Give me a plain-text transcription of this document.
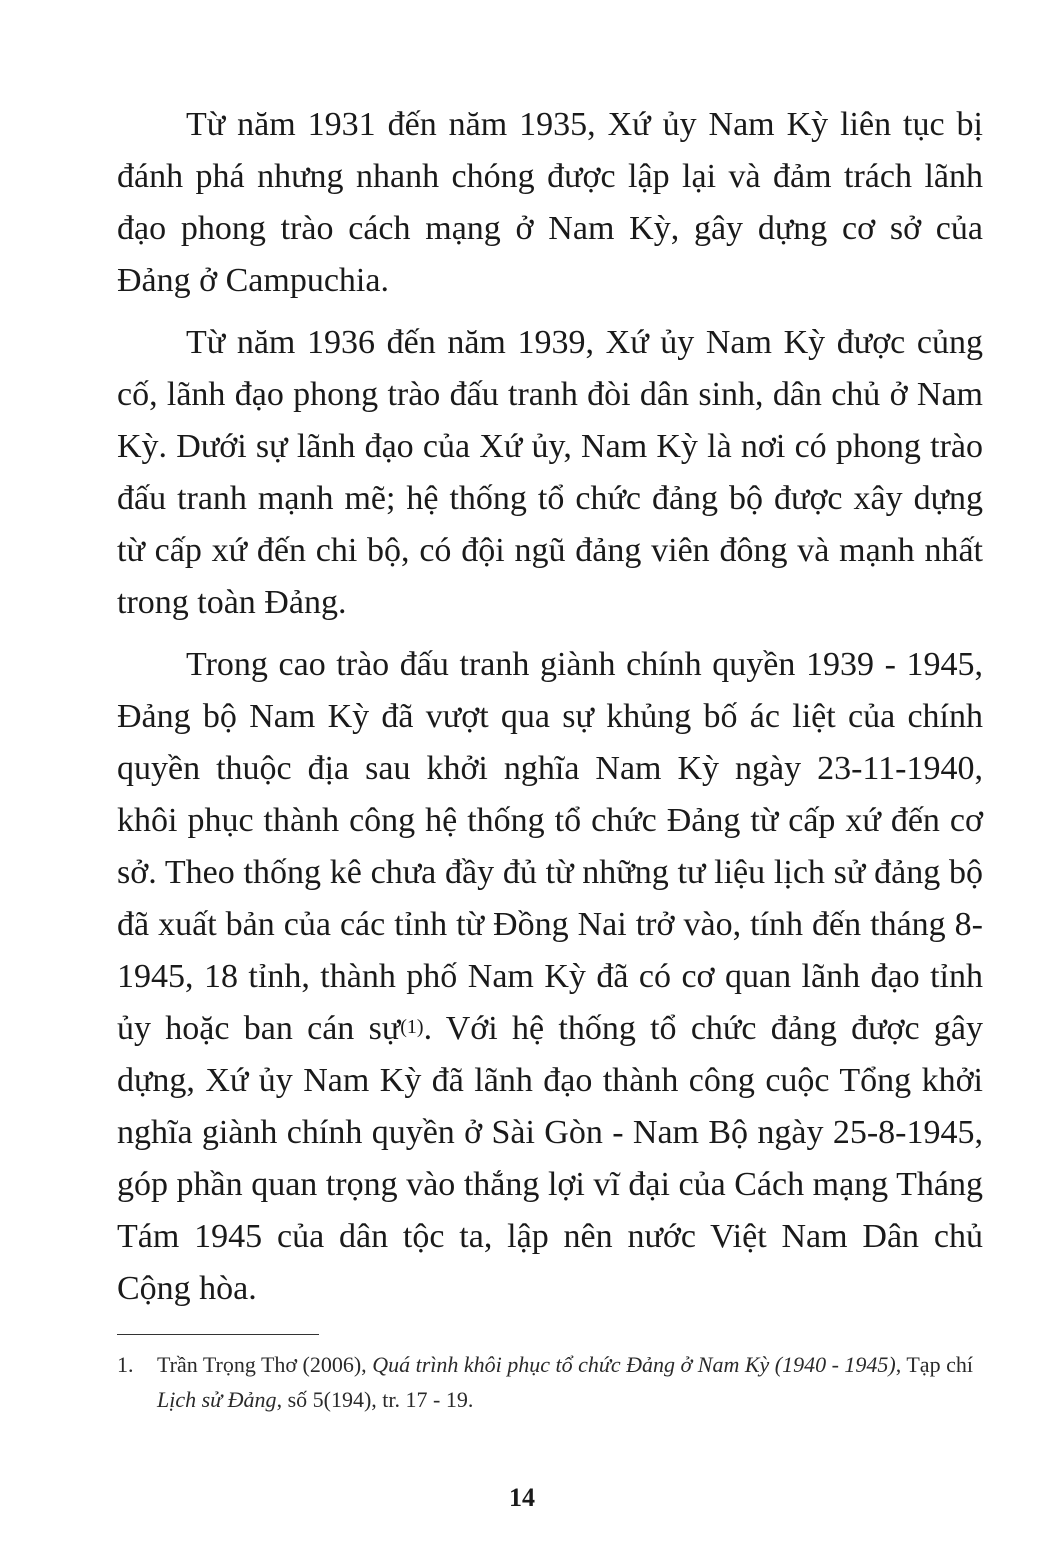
Từ năm 1931 đến năm 1935, Xứ ủy Nam Kỳ liên tục bị đánh phá nhưng nhanh chóng được lập lại và đảm trách lãnh đạo phong trào cách mạng ở Nam Kỳ, gây dựng cơ sở của Đảng ở Campuchia.

Từ năm 1936 đến năm 1939, Xứ ủy Nam Kỳ được củng cố, lãnh đạo phong trào đấu tranh đòi dân sinh, dân chủ ở Nam Kỳ. Dưới sự lãnh đạo của Xứ ủy, Nam Kỳ là nơi có phong trào đấu tranh mạnh mẽ; hệ thống tổ chức đảng bộ được xây dựng từ cấp xứ đến chi bộ, có đội ngũ đảng viên đông và mạnh nhất trong toàn Đảng.

Trong cao trào đấu tranh giành chính quyền 1939 - 1945, Đảng bộ Nam Kỳ đã vượt qua sự khủng bố ác liệt của chính quyền thuộc địa sau khởi nghĩa Nam Kỳ ngày 23-11-1940, khôi phục thành công hệ thống tổ chức Đảng từ cấp xứ đến cơ sở. Theo thống kê chưa đầy đủ từ những tư liệu lịch sử đảng bộ đã xuất bản của các tỉnh từ Đồng Nai trở vào, tính đến tháng 8-1945, 18 tỉnh, thành phố Nam Kỳ đã có cơ quan lãnh đạo tỉnh ủy hoặc ban cán sự$^{(1)}$. Với hệ thống tổ chức đảng được gây dựng, Xứ ủy Nam Kỳ đã lãnh đạo thành công cuộc Tổng khởi nghĩa giành chính quyền ở Sài Gòn - Nam Bộ ngày 25-8-1945, góp phần quan trọng vào thắng lợi vĩ đại của Cách mạng Tháng Tám 1945 của dân tộc ta, lập nên nước Việt Nam Dân chủ Cộng hòa.

1.	Trần Trọng Thơ (2006), Quá trình khôi phục tổ chức Đảng ở Nam Kỳ (1940 - 1945), Tạp chí Lịch sử Đảng, số 5(194), tr. 17 - 19.
14
